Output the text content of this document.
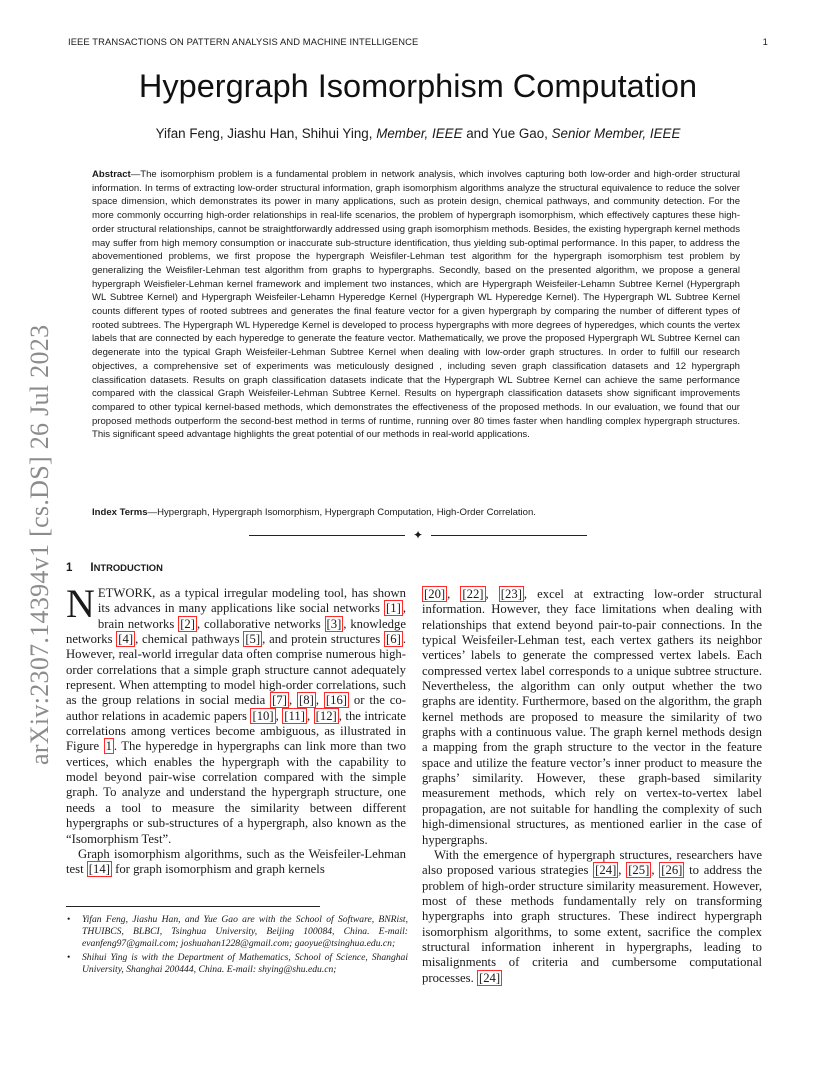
IEEE TRANSACTIONS ON PATTERN ANALYSIS AND MACHINE INTELLIGENCE	1
arXiv:2307.14394v1 [cs.DS] 26 Jul 2023
Hypergraph Isomorphism Computation
Yifan Feng, Jiashu Han, Shihui Ying, Member, IEEE and Yue Gao, Senior Member, IEEE
Abstract—The isomorphism problem is a fundamental problem in network analysis, which involves capturing both low-order and high-order structural information. In terms of extracting low-order structural information, graph isomorphism algorithms analyze the structural equivalence to reduce the solver space dimension, which demonstrates its power in many applications, such as protein design, chemical pathways, and community detection. For the more commonly occurring high-order relationships in real-life scenarios, the problem of hypergraph isomorphism, which effectively captures these high-order structural relationships, cannot be straightforwardly addressed using graph isomorphism methods. Besides, the existing hypergraph kernel methods may suffer from high memory consumption or inaccurate sub-structure identification, thus yielding sub-optimal performance. In this paper, to address the abovementioned problems, we first propose the hypergraph Weisfiler-Lehman test algorithm for the hypergraph isomorphism test problem by generalizing the Weisfiler-Lehman test algorithm from graphs to hypergraphs. Secondly, based on the presented algorithm, we propose a general hypergraph Weisfieler-Lehman kernel framework and implement two instances, which are Hypergraph Weisfeiler-Lehamn Subtree Kernel (Hypergraph WL Subtree Kernel) and Hypergraph Weisfeiler-Lehamn Hyperedge Kernel (Hypergraph WL Hyperedge Kernel). The Hypergraph WL Subtree Kernel counts different types of rooted subtrees and generates the final feature vector for a given hypergraph by comparing the number of different types of rooted subtrees. The Hypergraph WL Hyperedge Kernel is developed to process hypergraphs with more degrees of hyperedges, which counts the vertex labels that are connected by each hyperedge to generate the feature vector. Mathematically, we prove the proposed Hypergraph WL Subtree Kernel can degenerate into the typical Graph Weisfeiler-Lehman Subtree Kernel when dealing with low-order graph structures. In order to fulfill our research objectives, a comprehensive set of experiments was meticulously designed , including seven graph classification datasets and 12 hypergraph classification datasets. Results on graph classification datasets indicate that the Hypergraph WL Subtree Kernel can achieve the same performance compared with the classical Graph Weisfeiler-Lehman Subtree Kernel. Results on hypergraph classification datasets show significant improvements compared to other typical kernel-based methods, which demonstrates the effectiveness of the proposed methods. In our evaluation, we found that our proposed methods outperform the second-best method in terms of runtime, running over 80 times faster when handling complex hypergraph structures. This significant speed advantage highlights the great potential of our methods in real-world applications.
Index Terms—Hypergraph, Hypergraph Isomorphism, Hypergraph Computation, High-Order Correlation.
✦
1 INTRODUCTION

NETWORK, as a typical irregular modeling tool, has shown its advances in many applications like social networks [1] , brain networks [2] , collaborative networks [3] , knowledge networks [4] , chemical pathways [5] , and protein structures [6] . However, real-world irregular data often comprise numerous high-order correlations that a simple graph structure cannot adequately represent. When attempting to model high-order correlations, such as the group relations in social media [7] , [8] , [16] or the co-author relations in academic papers [10] , [11] , [12] , the intricate correlations among vertices become ambiguous, as illustrated in Figure 1 . The hyperedge in hypergraphs can link more than two vertices, which enables the hypergraph with the capability to model beyond pair-wise correlation compared with the simple graph. To analyze and understand the hypergraph structure, one needs a tool to measure the similarity between different hypergraphs or sub-structures of a hypergraph, also known as the “Isomorphism Test”.

Graph isomorphism algorithms, such as the Weisfeiler-Lehman test [14] for graph isomorphism and graph kernels

[20] , [22] , [23] , excel at extracting low-order structural information. However, they face limitations when dealing with relationships that extend beyond pair-to-pair connections. In the typical Weisfeiler-Lehman test, each vertex gathers its neighbor vertices’ labels to generate the compressed vertex labels. Each compressed vertex label corresponds to a unique subtree structure. Nevertheless, the algorithm can only output whether the two graphs are identity. Furthermore, based on the algorithm, the graph kernel methods are proposed to measure the similarity of two graphs with a continuous value. The graph kernel methods design a mapping from the graph structure to the vector in the feature space and utilize the feature vector’s inner product to measure the graphs’ similarity. However, these graph-based similarity measurement methods, which rely on vertex-to-vertex label propagation, are not suitable for handling the complexity of such high-dimensional structures, as mentioned earlier in the case of hypergraphs.

With the emergence of hypergraph structures, researchers have also proposed various strategies [24] , [25] , [26] to address the problem of high-order structure similarity measurement. However, most of these methods fundamentally rely on transforming hypergraphs into graph structures. These indirect hypergraph isomorphism algorithms, to some extent, sacrifice the complex structural information inherent in hypergraphs, leading to misalignments of criteria and cumbersome computational processes. [24]

• Yifan Feng, Jiashu Han, and Yue Gao are with the School of Software, BNRist, THUIBCS, BLBCI, Tsinghua University, Beijing 100084, China. E-mail: evanfeng97@gmail.com; joshuahan1228@gmail.com; gaoyue@tsinghua.edu.cn;
• Shihui Ying is with the Department of Mathematics, School of Science, Shanghai University, Shanghai 200444, China. E-mail: shying@shu.edu.cn;
